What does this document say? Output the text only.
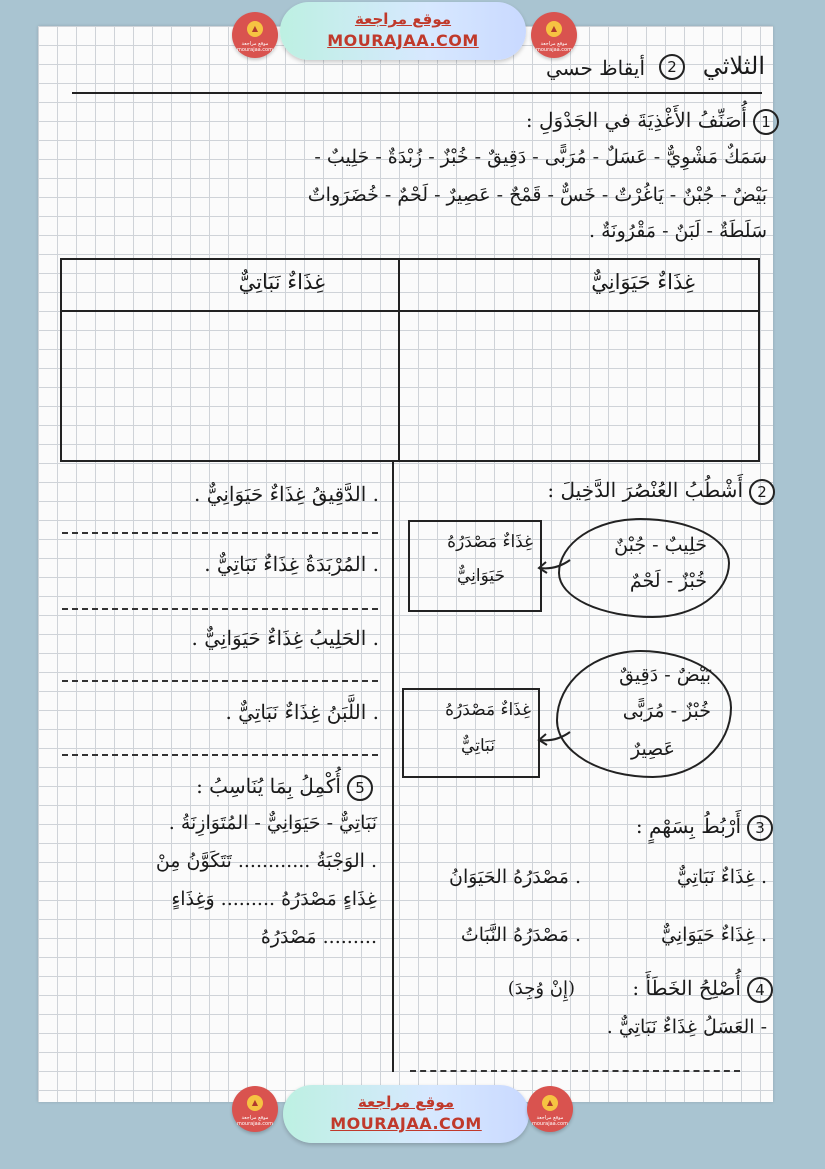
▲
موقع مراجعة mourajaa.com
موقع مراجعة
MOURAJAA.COM
▲
موقع مراجعة mourajaa.com
الثلاثي
2
أيقاظ حسي
1أُصَنِّفُ الأَغْذِيَةَ في الجَدْوَلِ :
سَمَكٌ مَشْوِيٌّ - عَسَلٌ - مُرَبًّى - دَقِيقٌ - خُبْزٌ - زُبْدَةٌ - حَلِيبٌ -
بَيْضٌ - جُبْنٌ - يَاغُرْتٌ - خَسٌّ - قَمْحٌ - عَصِيرٌ - لَحْمٌ - خُضَرَواتٌ
سَلَطَةٌ - لَبَنٌ - مَقْرُونَةٌ .
غِذَاءٌ حَيَوَانِيٌّ
غِذَاءٌ نَبَاتِيٌّ
2أَشْطُبُ العُنْصُرَ الدَّخِيلَ :
حَلِيبٌ - جُبْنٌ
خُبْزٌ - لَحْمٌ
غِذَاءٌ مَصْدَرُهُ
حَيَوَانِيٌّ
بَيْضٌ - دَقِيقٌ
خُبْزٌ - مُرَبًّى
عَصِيرٌ
غِذَاءٌ مَصْدَرُهُ
نَبَاتِيٌّ
. الدَّقِيقُ غِذَاءٌ حَيَوَانِيٌّ .
. المُرْبَدَةُ غِذَاءٌ نَبَاتِيٌّ .
. الحَلِيبُ غِذَاءٌ حَيَوَانِيٌّ .
. اللَّبَنُ غِذَاءٌ نَبَاتِيٌّ .
5أُكْمِلُ بِمَا يُنَاسِبُ :
نَبَاتِيٌّ - حَيَوَانِيٌّ - المُتَوَازِنَةُ .
. الوَجْبَةُ ............ تَتَكَوَّنُ مِنْ
غِذَاءٍ مَصْدَرُهُ ......... وَغِذَاءٍ
......... مَصْدَرُهُ
3أَرْبُطُ بِسَهْمٍ :
. غِذَاءٌ نَبَاتِيٌّ
. مَصْدَرُهُ الحَيَوَانُ
. غِذَاءٌ حَيَوَانِيٌّ
. مَصْدَرُهُ النَّبَاتُ
4أُصْلِحُ الخَطَأَ :
(إِنْ وُجِدَ)
- العَسَلُ غِذَاءٌ نَبَاتِيٌّ .
▲
موقع مراجعة mourajaa.com
موقع مراجعة
MOURAJAA.COM
▲
موقع مراجعة mourajaa.com
